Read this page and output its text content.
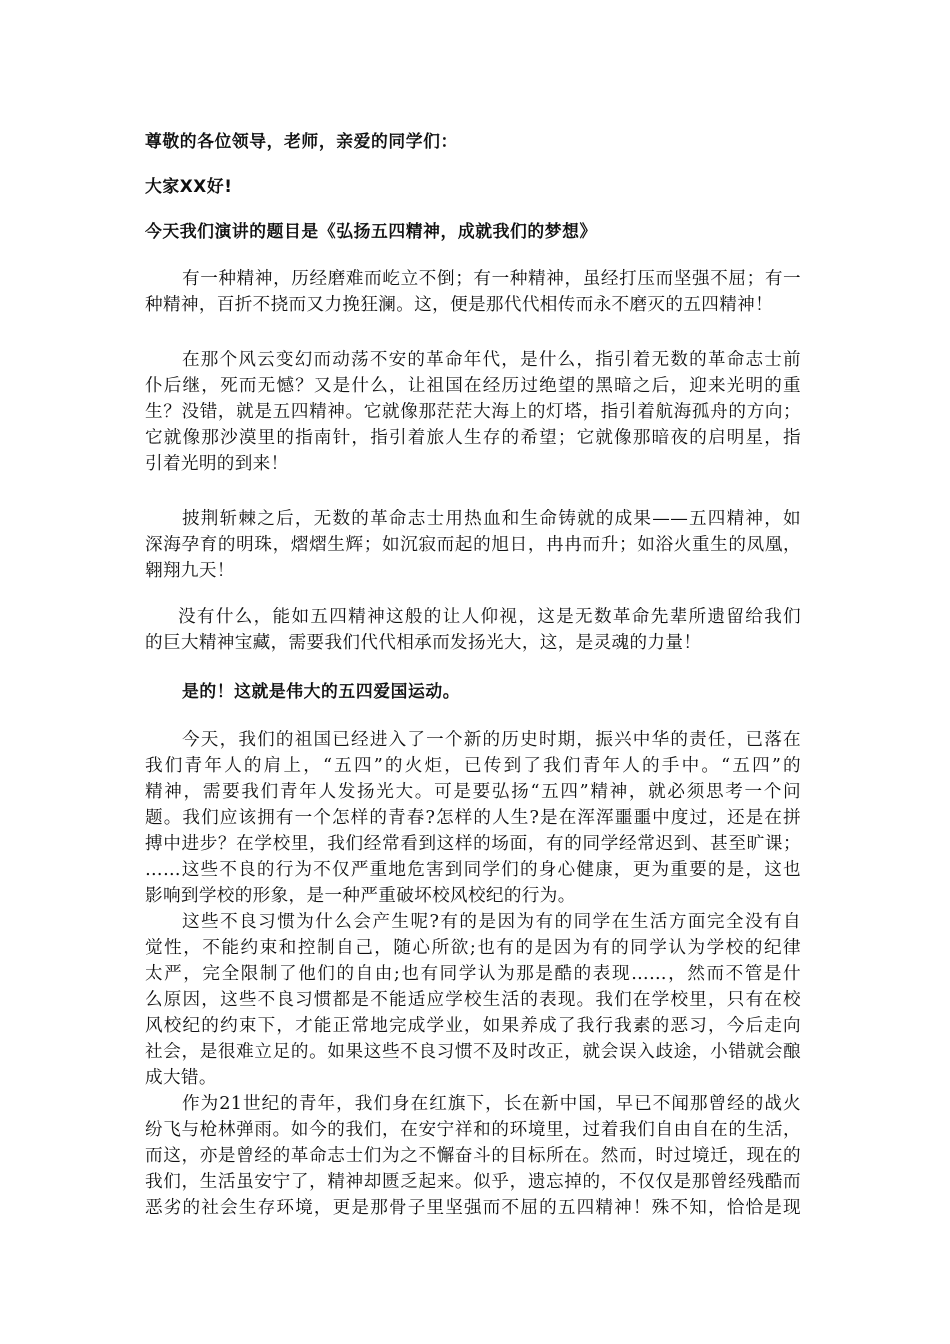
尊敬的各位领导，老师，亲爱的同学们：
大家XX好!
今天我们演讲的题目是《弘扬五四精神，成就我们的梦想》
有一种精神，历经磨难而屹立不倒；有一种精神，虽经打压而坚强不屈；有一
种精神，百折不挠而又力挽狂澜。这，便是那代代相传而永不磨灭的五四精神！
在那个风云变幻而动荡不安的革命年代，是什么，指引着无数的革命志士前
仆后继，死而无憾？又是什么，让祖国在经历过绝望的黑暗之后，迎来光明的重
生？没错，就是五四精神。它就像那茫茫大海上的灯塔，指引着航海孤舟的方向；
它就像那沙漠里的指南针，指引着旅人生存的希望；它就像那暗夜的启明星，指
引着光明的到来！
披荆斩棘之后，无数的革命志士用热血和生命铸就的成果——五四精神，如
深海孕育的明珠，熠熠生辉；如沉寂而起的旭日，冉冉而升；如浴火重生的凤凰，
翱翔九天！
没有什么，能如五四精神这般的让人仰视，这是无数革命先辈所遗留给我们
的巨大精神宝藏，需要我们代代相承而发扬光大，这，是灵魂的力量！
是的！这就是伟大的五四爱国运动。
今天，我们的祖国已经进入了一个新的历史时期，振兴中华的责任，已落在
我们青年人的肩上，“五四”的火炬，已传到了我们青年人的手中。“五四”的
精神，需要我们青年人发扬光大。可是要弘扬“五四”精神，就必须思考一个问
题。我们应该拥有一个怎样的青春?怎样的人生?是在浑浑噩噩中度过，还是在拼
搏中进步？在学校里，我们经常看到这样的场面，有的同学经常迟到、甚至旷课；
……这些不良的行为不仅严重地危害到同学们的身心健康，更为重要的是，这也
影响到学校的形象，是一种严重破坏校风校纪的行为。
这些不良习惯为什么会产生呢?有的是因为有的同学在生活方面完全没有自
觉性，不能约束和控制自己，随心所欲;也有的是因为有的同学认为学校的纪律
太严，完全限制了他们的自由;也有同学认为那是酷的表现……，然而不管是什
么原因，这些不良习惯都是不能适应学校生活的表现。我们在学校里，只有在校
风校纪的约束下，才能正常地完成学业，如果养成了我行我素的恶习，今后走向
社会，是很难立足的。如果这些不良习惯不及时改正，就会误入歧途，小错就会酿
成大错。
作为21世纪的青年，我们身在红旗下，长在新中国，早已不闻那曾经的战火
纷飞与枪林弹雨。如今的我们，在安宁祥和的环境里，过着我们自由自在的生活，
而这，亦是曾经的革命志士们为之不懈奋斗的目标所在。然而，时过境迁，现在的
我们，生活虽安宁了，精神却匮乏起来。似乎，遗忘掉的，不仅仅是那曾经残酷而
恶劣的社会生存环境，更是那骨子里坚强而不屈的五四精神！殊不知，恰恰是现
